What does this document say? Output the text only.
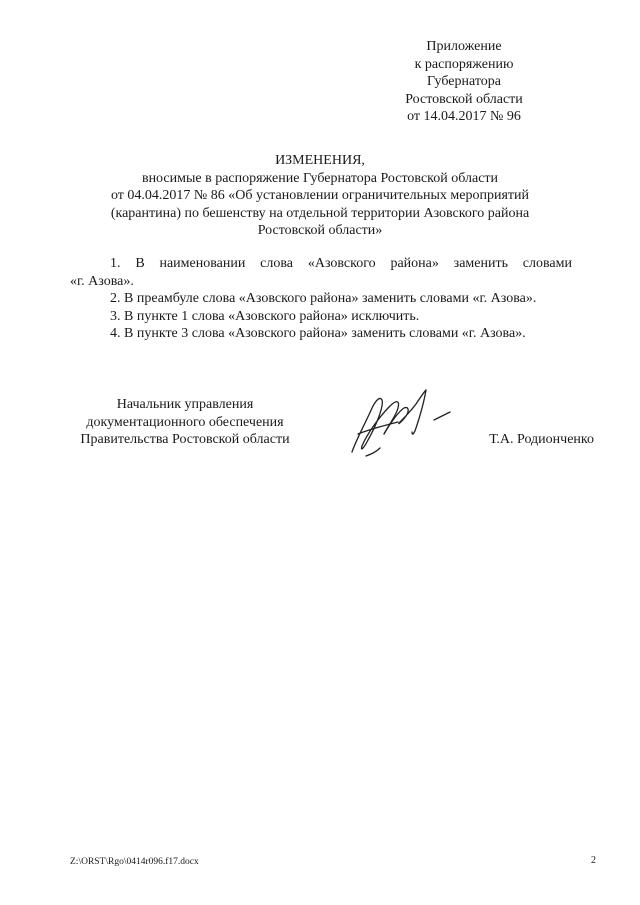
Приложение
к распоряжению
Губернатора
Ростовской области
от 14.04.2017 № 96
ИЗМЕНЕНИЯ,
вносимые в распоряжение Губернатора Ростовской области
от 04.04.2017 № 86 «Об установлении ограничительных мероприятий
(карантина) по бешенству на отдельной территории Азовского района
Ростовской области»
1. В наименовании слова «Азовского района» заменить словами
«г. Азова».
2. В преамбуле слова «Азовского района» заменить словами «г. Азова».
3. В пункте 1 слова «Азовского района» исключить.
4. В пункте 3 слова «Азовского района» заменить словами «г. Азова».
Начальник управления
документационного обеспечения
Правительства Ростовской области	Т.А. Родионченко
Z:\ORST\Rgo\0414r096.f17.docx	2
